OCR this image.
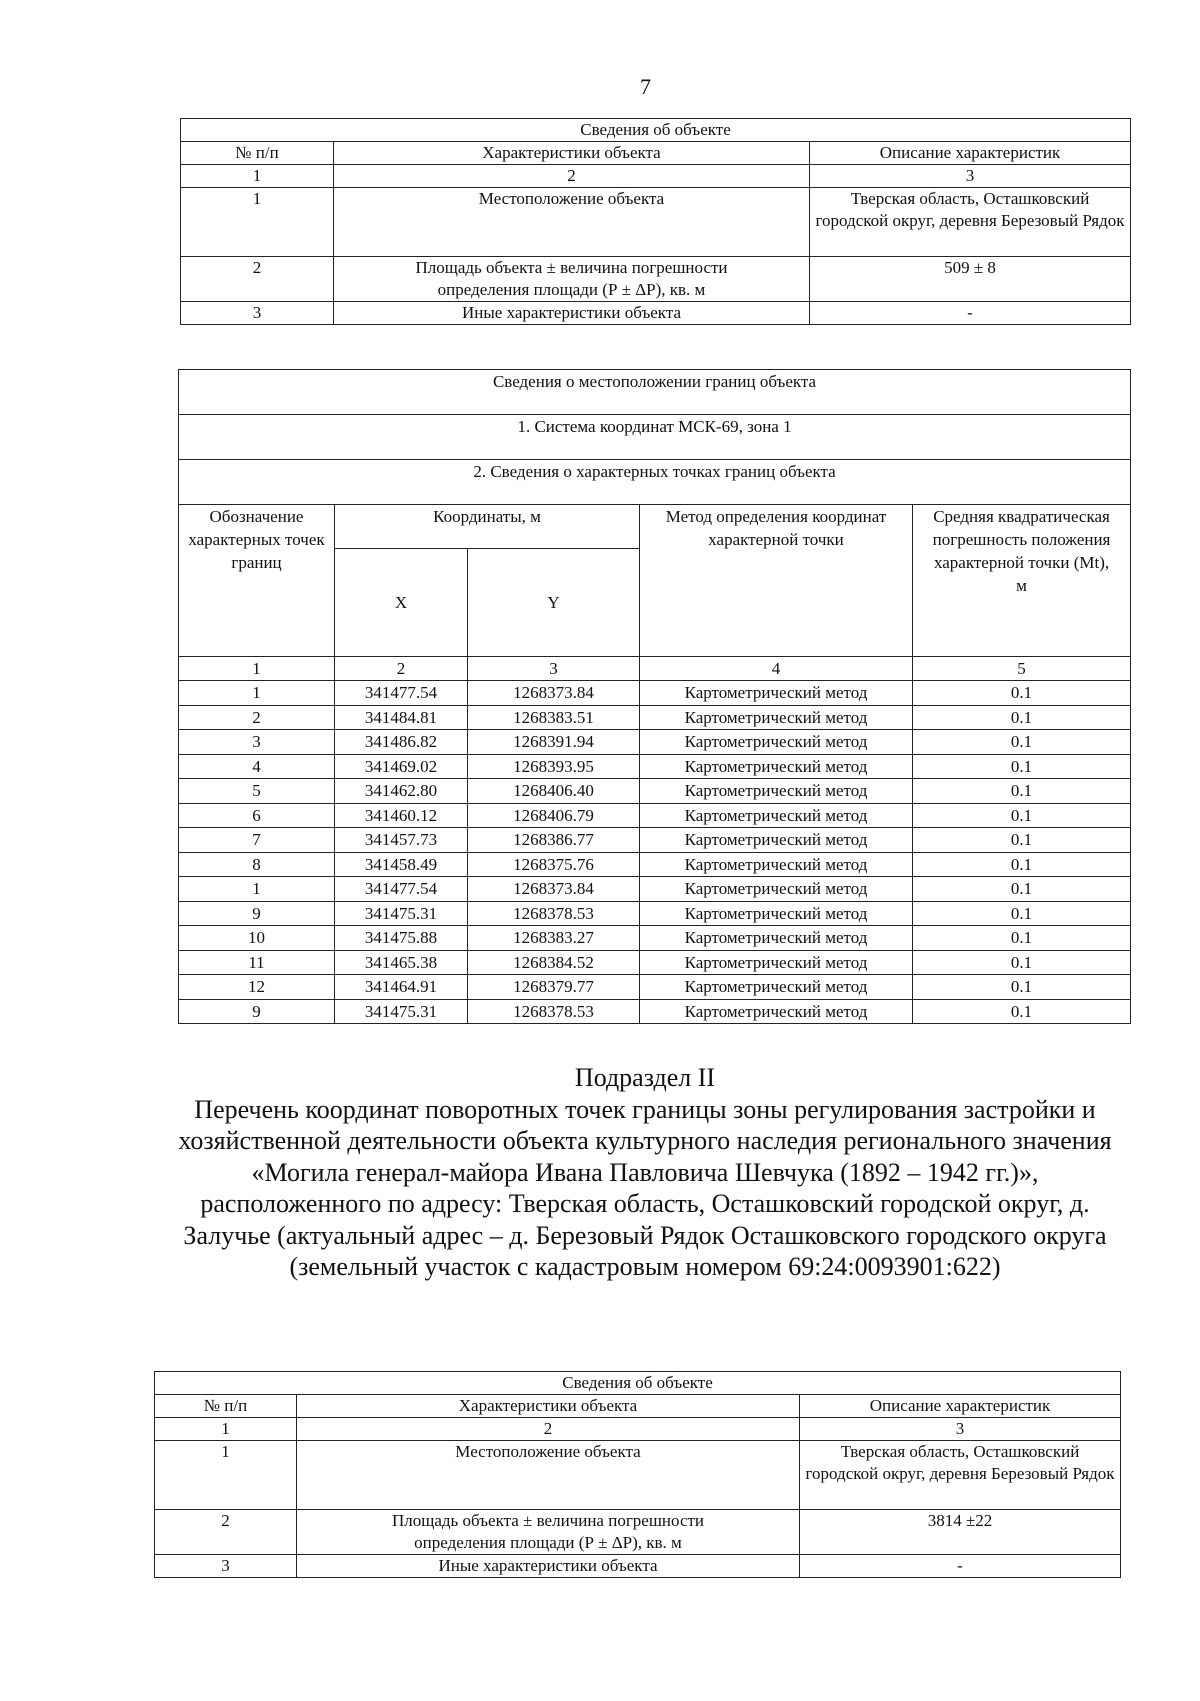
7
Сведения об объекте		
№ п/п	Характеристики объекта	Описание характеристик
1	2	3
1	Местоположение объекта	Тверская область, Осташковский городской округ, деревня Березовый Рядок
2	Площадь объекта ± величина погрешности определения площади (Р ± ΔР), кв. м	509 ± 8
3	Иные характеристики объекта	-
Сведения о местоположении границ объекта				
1. Система координат МСК-69, зона 1				
2. Сведения о характерных точках границ объекта				
Обозначение характерных точек границ	Координаты, м		Метод определения координат характерной точки	Средняя квадратическая погрешность положения характерной точки (Mt), м
	X	Y		
1	2	3	4	5
1	341477.54	1268373.84	Картометрический метод	0.1
2	341484.81	1268383.51	Картометрический метод	0.1
3	341486.82	1268391.94	Картометрический метод	0.1
4	341469.02	1268393.95	Картометрический метод	0.1
5	341462.80	1268406.40	Картометрический метод	0.1
6	341460.12	1268406.79	Картометрический метод	0.1
7	341457.73	1268386.77	Картометрический метод	0.1
8	341458.49	1268375.76	Картометрический метод	0.1
1	341477.54	1268373.84	Картометрический метод	0.1
9	341475.31	1268378.53	Картометрический метод	0.1
10	341475.88	1268383.27	Картометрический метод	0.1
11	341465.38	1268384.52	Картометрический метод	0.1
12	341464.91	1268379.77	Картометрический метод	0.1
9	341475.31	1268378.53	Картометрический метод	0.1

Подраздел II

Перечень координат поворотных точек границы зоны регулирования застройки и хозяйственной деятельности объекта культурного наследия регионального значения «Могила генерал-майора Ивана Павловича Шевчука (1892 – 1942 гг.)», расположенного по адресу: Тверская область, Осташковский городской округ, д. Залучье (актуальный адрес – д. Березовый Рядок Осташковского городского округа (земельный участок с кадастровым номером 69:24:0093901:622)

Сведения об объекте		
№ п/п	Характеристики объекта	Описание характеристик
1	2	3
1	Местоположение объекта	Тверская область, Осташковский городской округ, деревня Березовый Рядок
2	Площадь объекта ± величина погрешности определения площади (Р ± ΔР), кв. м	3814 ±22
3	Иные характеристики объекта	-
